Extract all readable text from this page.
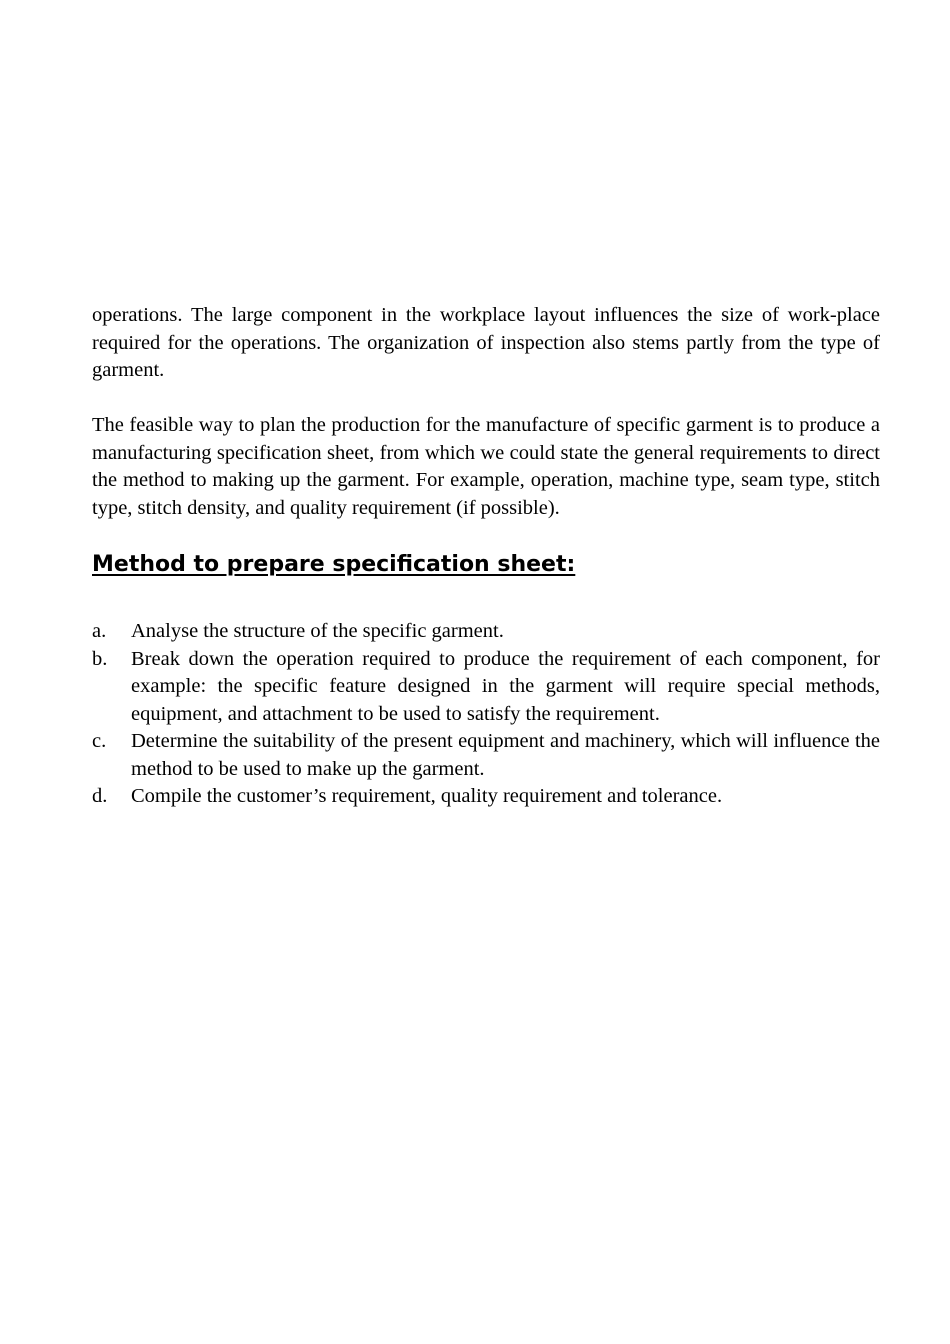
operations. The large component in the workplace layout influences the size of work-place required for the operations. The organization of inspection also stems partly from the type of garment.

The feasible way to plan the production for the manufacture of specific garment is to produce a manufacturing specification sheet, from which we could state the general requirements to direct the method to making up the garment. For example, operation, machine type, seam type, stitch type, stitch density, and quality requirement (if possible).

Method to prepare specification sheet:
a.	Analyse the structure of the specific garment.
b.	Break down the operation required to produce the requirement of each component, for example: the specific feature designed in the garment will require special methods, equipment, and attachment to be used to satisfy the requirement.
c.	Determine the suitability of the present equipment and machinery, which will influence the method to be used to make up the garment.
d.	Compile the customer’s requirement, quality requirement and tolerance.
